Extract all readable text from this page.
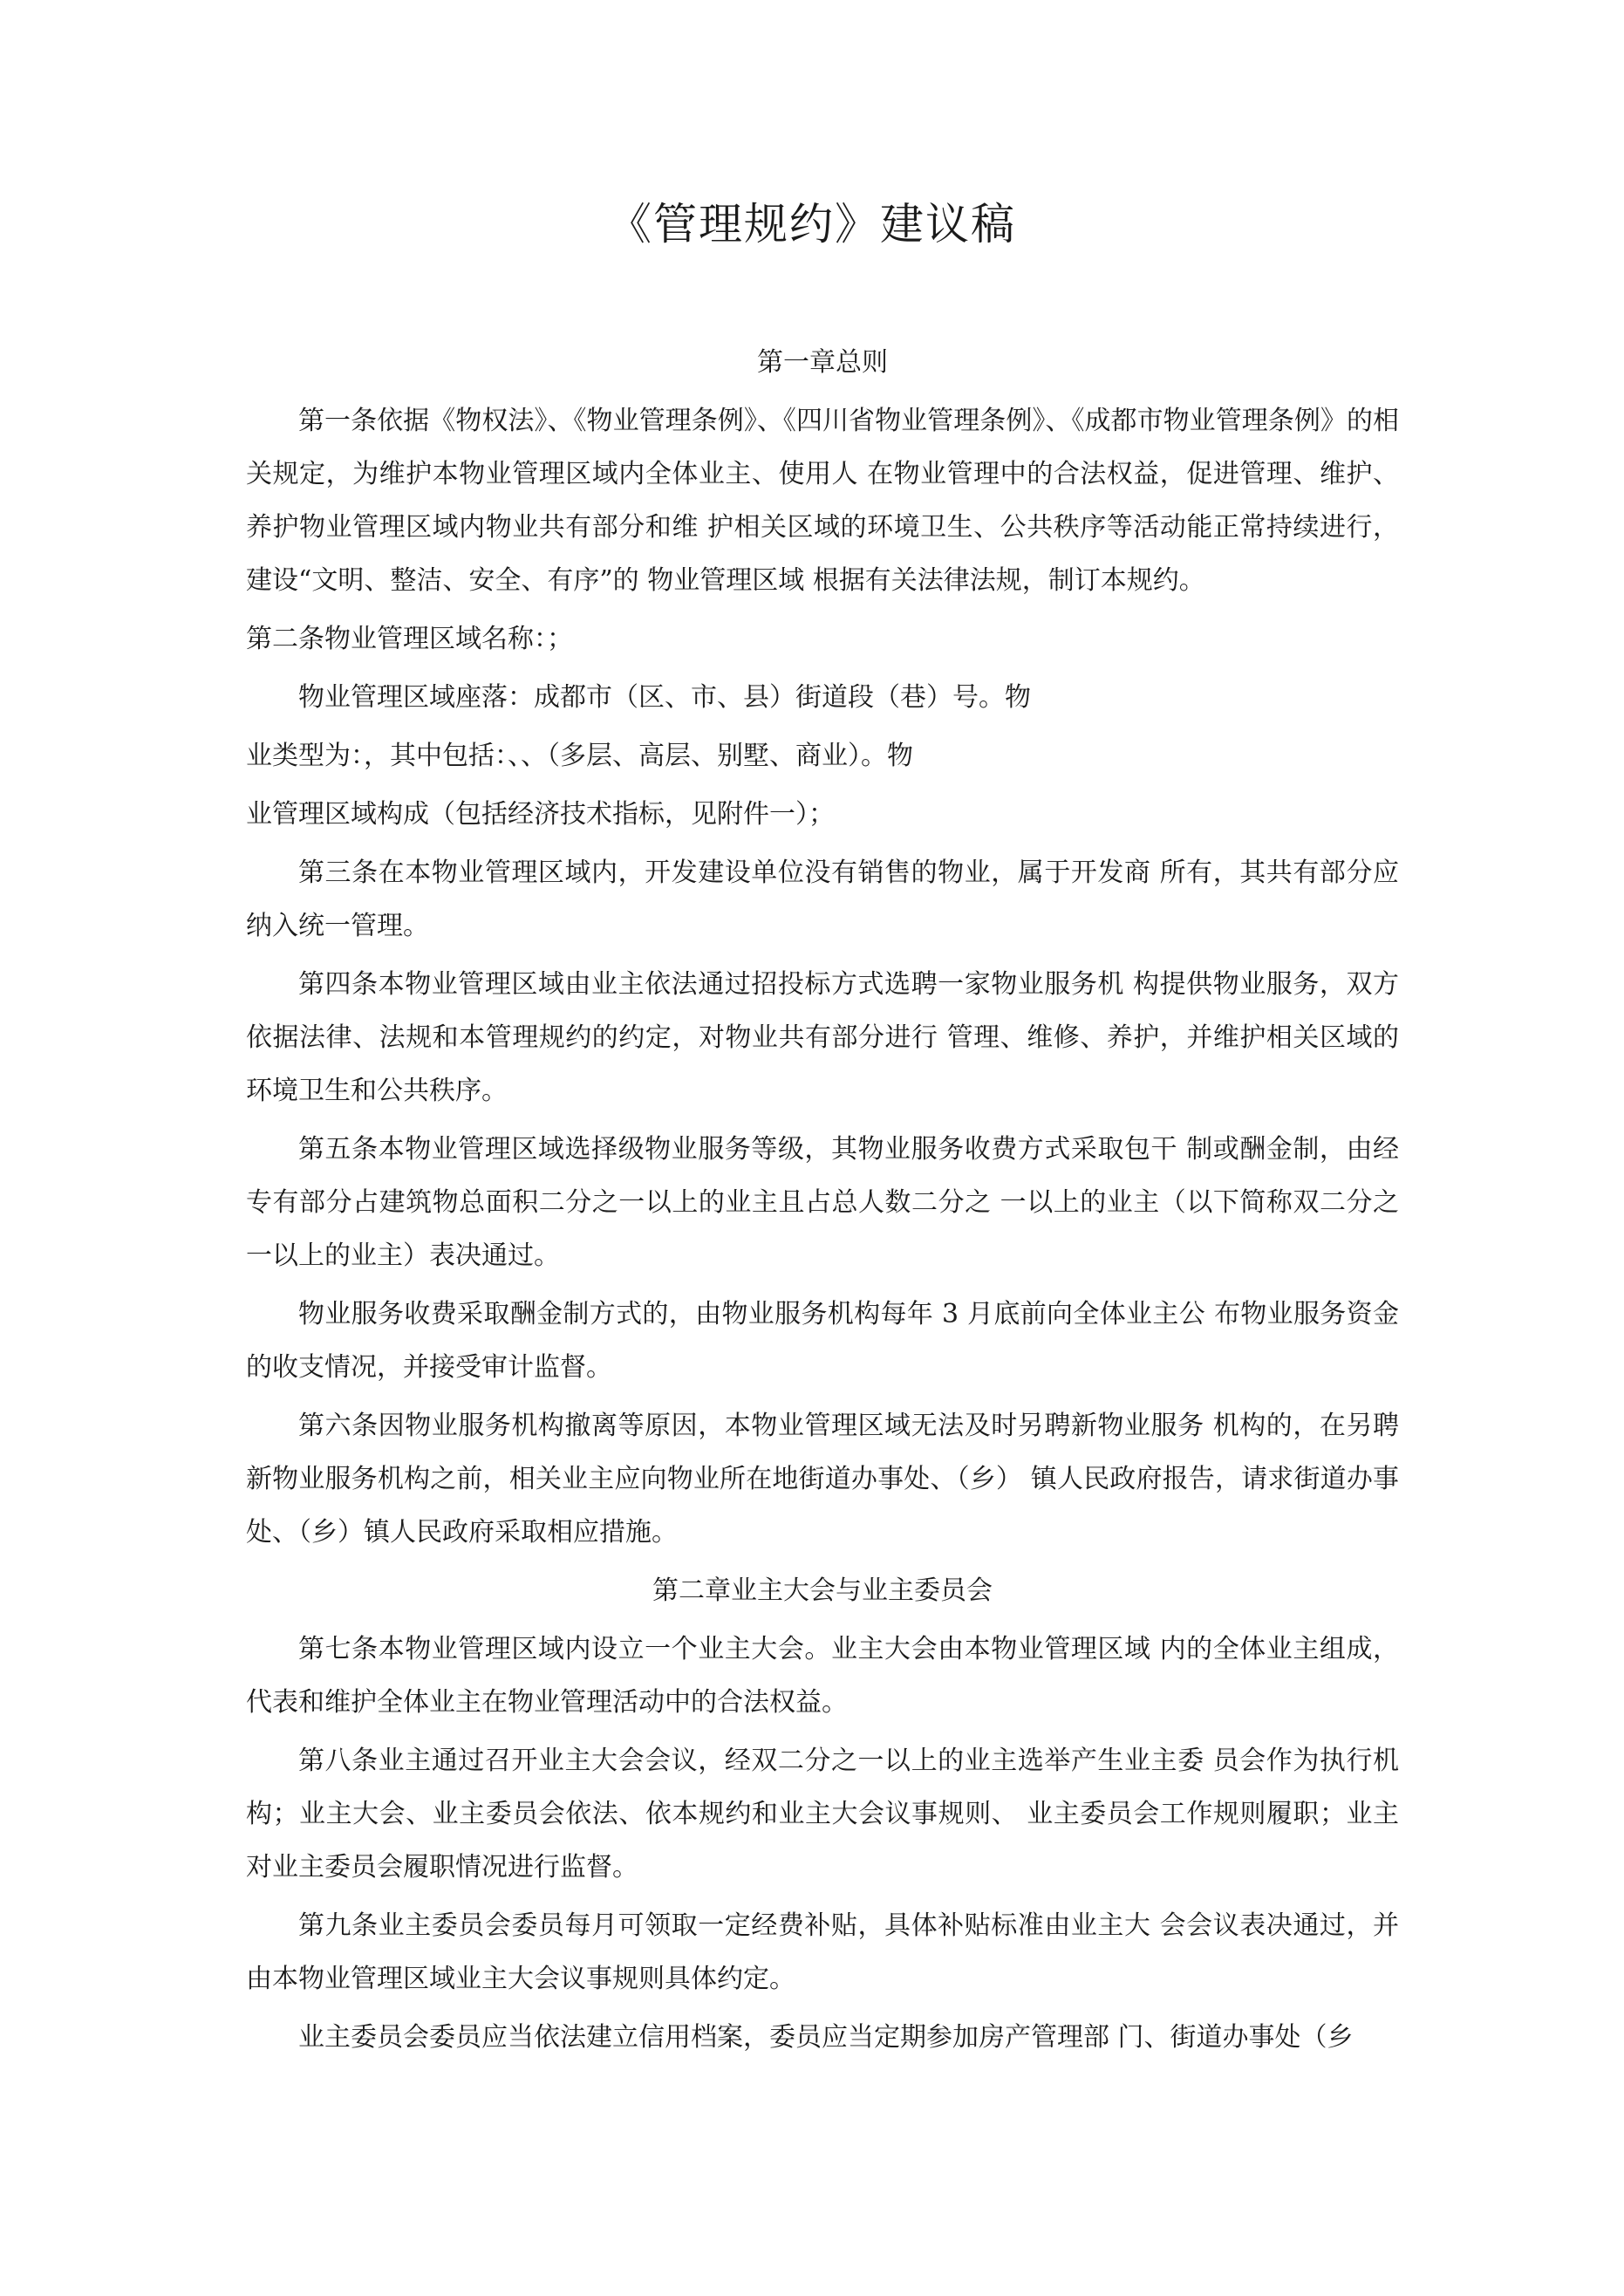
《管理规约》建议稿

第一章总则

第一条依据《物权法》、《物业管理条例》、《四川省物业管理条例》、《成都市物业管理条例》的相关规定，为维护本物业管理区域内全体业主、使用人 在物业管理中的合法权益，促进管理、维护、养护物业管理区域内物业共有部分和维 护相关区域的环境卫生、公共秩序等活动能正常持续进行，建设“文明、整洁、安全、有序”的 物业管理区域 根据有关法律法规，制订本规约。

第二条物业管理区域名称：；

物业管理区域座落：成都市（区、市、县）街道段（巷）号。物

业类型为：，其中包括：、、（多层、高层、别墅、商业）。物

业管理区域构成（包括经济技术指标，见附件一）；

第三条在本物业管理区域内，开发建设单位没有销售的物业，属于开发商 所有，其共有部分应纳入统一管理。

第四条本物业管理区域由业主依法通过招投标方式选聘一家物业服务机 构提供物业服务，双方依据法律、法规和本管理规约的约定，对物业共有部分进行 管理、维修、养护，并维护相关区域的环境卫生和公共秩序。

第五条本物业管理区域选择级物业服务等级，其物业服务收费方式采取包干 制或酬金制，由经专有部分占建筑物总面积二分之一以上的业主且占总人数二分之 一以上的业主（以下简称双二分之一以上的业主）表决通过。

物业服务收费采取酬金制方式的，由物业服务机构每年 3 月底前向全体业主公 布物业服务资金的收支情况，并接受审计监督。

第六条因物业服务机构撤离等原因，本物业管理区域无法及时另聘新物业服务 机构的，在另聘新物业服务机构之前，相关业主应向物业所在地街道办事处、（乡） 镇人民政府报告，请求街道办事处、（乡）镇人民政府采取相应措施。

第二章业主大会与业主委员会

第七条本物业管理区域内设立一个业主大会。业主大会由本物业管理区域 内的全体业主组成，代表和维护全体业主在物业管理活动中的合法权益。

第八条业主通过召开业主大会会议，经双二分之一以上的业主选举产生业主委 员会作为执行机构；业主大会、业主委员会依法、依本规约和业主大会议事规则、 业主委员会工作规则履职；业主对业主委员会履职情况进行监督。

第九条业主委员会委员每月可领取一定经费补贴，具体补贴标准由业主大 会会议表决通过，并由本物业管理区域业主大会议事规则具体约定。

业主委员会委员应当依法建立信用档案，委员应当定期参加房产管理部 门、街道办事处（乡
